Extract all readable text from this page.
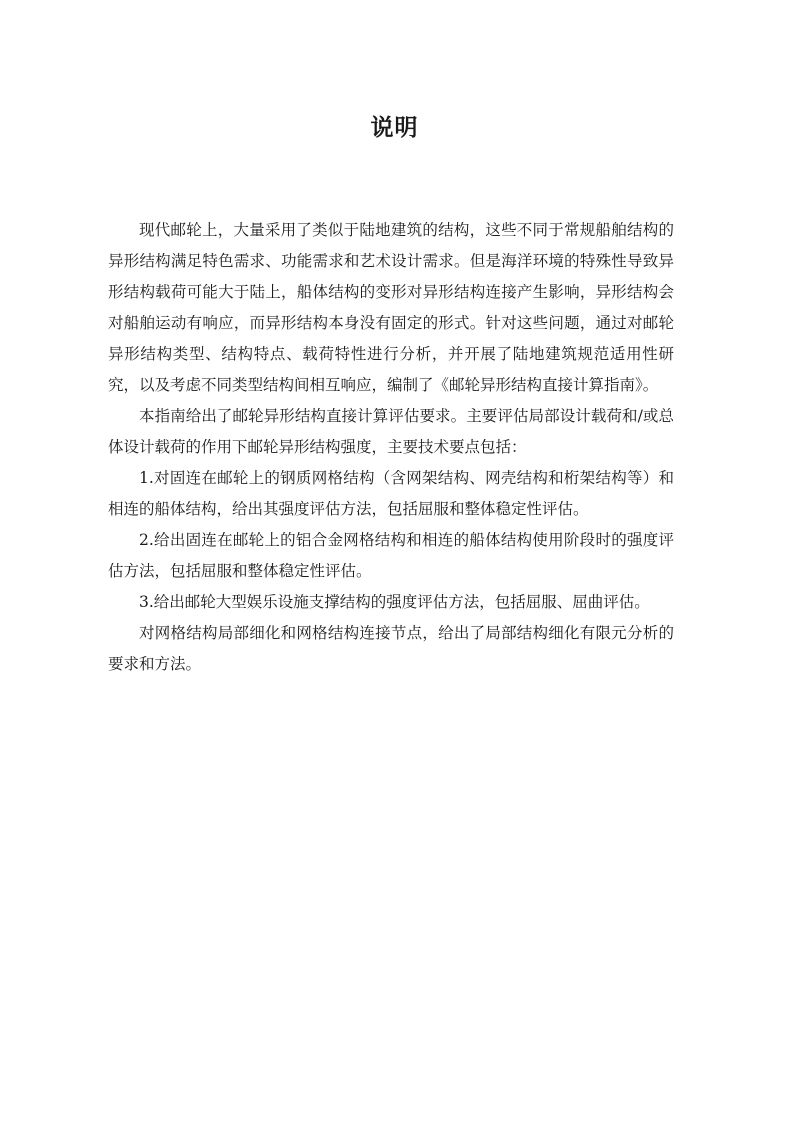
说明

现代邮轮上，大量采用了类似于陆地建筑的结构，这些不同于常规船舶结构的异形结构满足特色需求、功能需求和艺术设计需求。但是海洋环境的特殊性导致异形结构载荷可能大于陆上，船体结构的变形对异形结构连接产生影响，异形结构会对船舶运动有响应，而异形结构本身没有固定的形式。针对这些问题，通过对邮轮异形结构类型、结构特点、载荷特性进行分析，并开展了陆地建筑规范适用性研究，以及考虑不同类型结构间相互响应，编制了《邮轮异形结构直接计算指南》。

本指南给出了邮轮异形结构直接计算评估要求。主要评估局部设计载荷和/或总体设计载荷的作用下邮轮异形结构强度，主要技术要点包括：

1.对固连在邮轮上的钢质网格结构（含网架结构、网壳结构和桁架结构等）和相连的船体结构，给出其强度评估方法，包括屈服和整体稳定性评估。

2.给出固连在邮轮上的铝合金网格结构和相连的船体结构使用阶段时的强度评估方法，包括屈服和整体稳定性评估。

3.给出邮轮大型娱乐设施支撑结构的强度评估方法，包括屈服、屈曲评估。

对网格结构局部细化和网格结构连接节点，给出了局部结构细化有限元分析的要求和方法。
